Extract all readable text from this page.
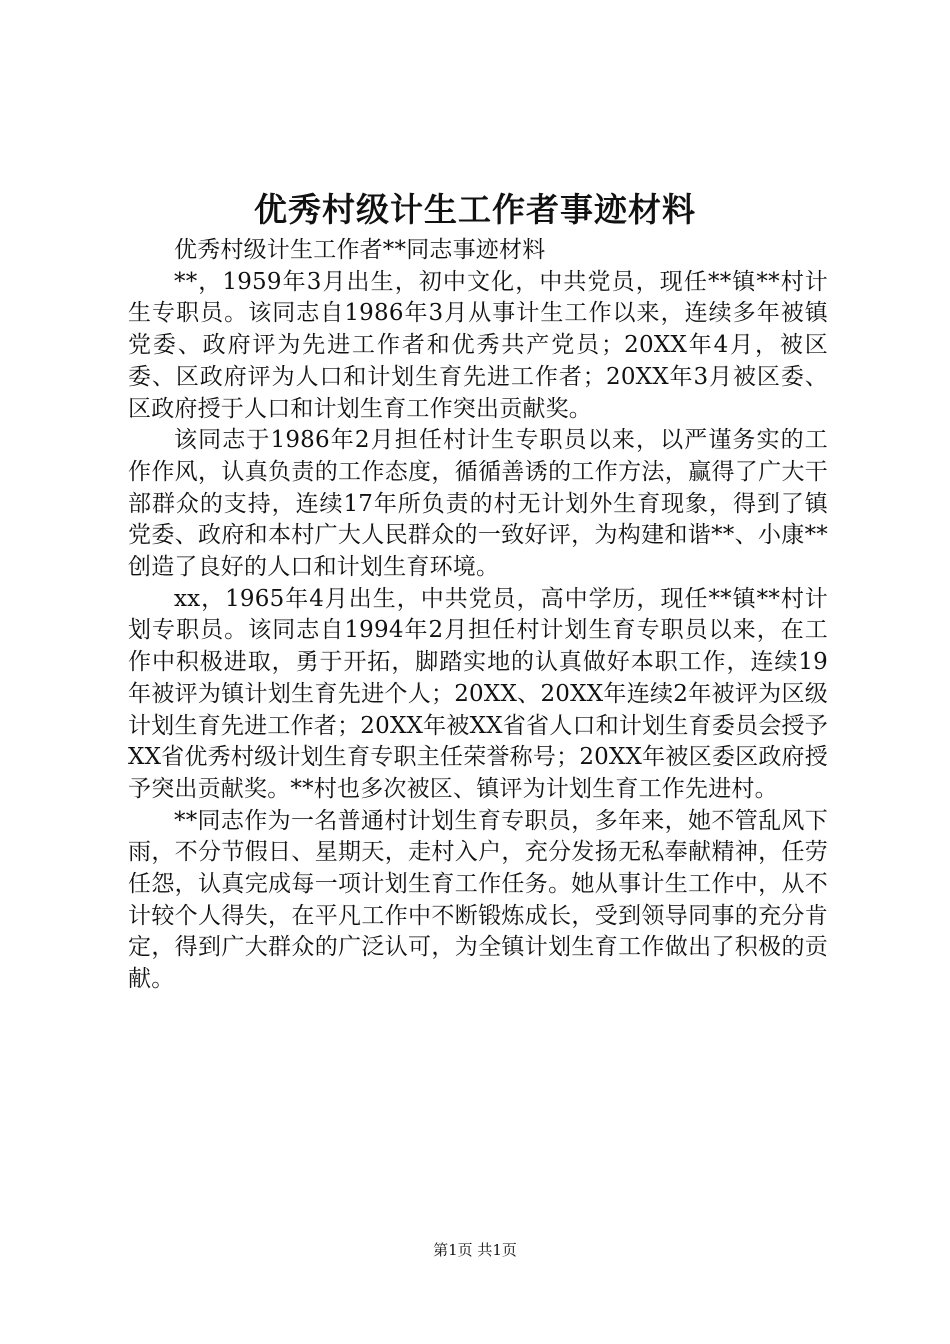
优秀村级计生工作者事迹材料

优秀村级计生工作者**同志事迹材料

**，1959年3月出生，初中文化，中共党员，现任**镇**村计生专职员。该同志自1986年3月从事计生工作以来，连续多年被镇党委、政府评为先进工作者和优秀共产党员；20XX年4月，被区委、区政府评为人口和计划生育先进工作者；20XX年3月被区委、区政府授于人口和计划生育工作突出贡献奖。

该同志于1986年2月担任村计生专职员以来，以严谨务实的工作作风，认真负责的工作态度，循循善诱的工作方法，赢得了广大干部群众的支持，连续17年所负责的村无计划外生育现象，得到了镇党委、政府和本村广大人民群众的一致好评，为构建和谐**、小康**创造了良好的人口和计划生育环境。

xx，1965年4月出生，中共党员，高中学历，现任**镇**村计划专职员。该同志自1994年2月担任村计划生育专职员以来，在工作中积极进取，勇于开拓，脚踏实地的认真做好本职工作，连续19年被评为镇计划生育先进个人；20XX、20XX年连续2年被评为区级计划生育先进工作者；20XX年被XX省省人口和计划生育委员会授予XX省优秀村级计划生育专职主任荣誉称号；20XX年被区委区政府授予突出贡献奖。**村也多次被区、镇评为计划生育工作先进村。

**同志作为一名普通村计划生育专职员，多年来，她不管乱风下雨，不分节假日、星期天，走村入户，充分发扬无私奉献精神，任劳任怨，认真完成每一项计划生育工作任务。她从事计生工作中，从不计较个人得失，在平凡工作中不断锻炼成长，受到领导同事的充分肯定，得到广大群众的广泛认可，为全镇计划生育工作做出了积极的贡献。

第1页 共1页
